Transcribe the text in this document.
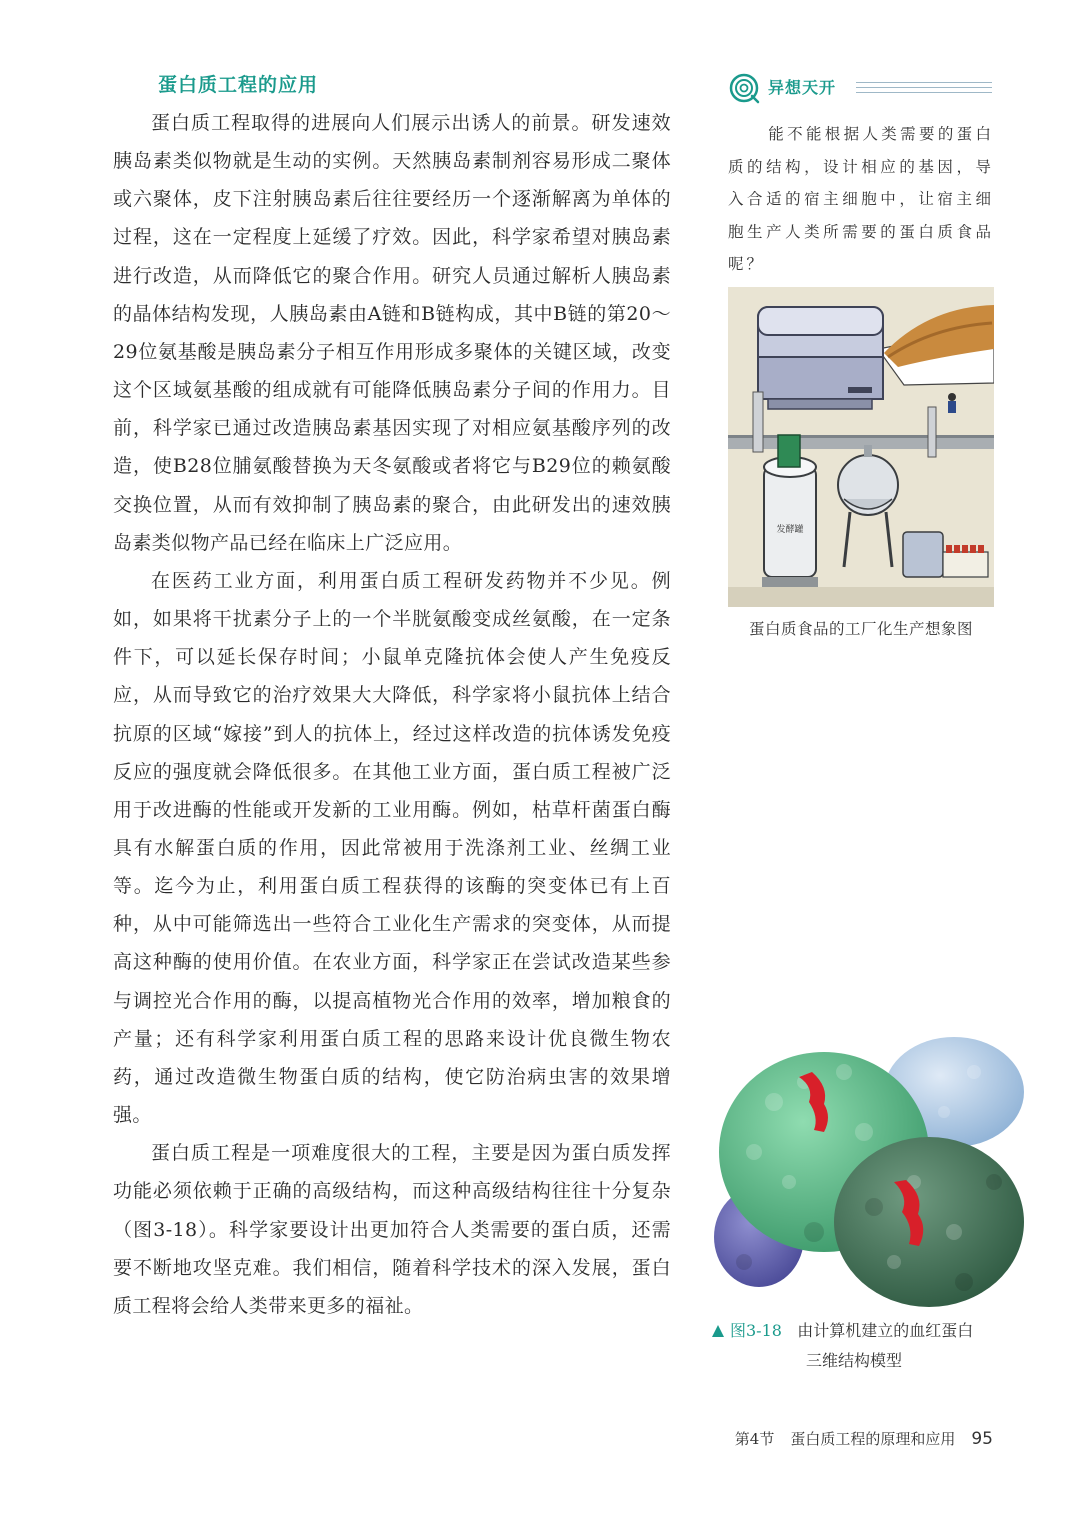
蛋白质工程的应用

蛋白质工程取得的进展向人们展示出诱人的前景。研发速效胰岛素类似物就是生动的实例。天然胰岛素制剂容易形成二聚体或六聚体，皮下注射胰岛素后往往要经历一个逐渐解离为单体的过程，这在一定程度上延缓了疗效。因此，科学家希望对胰岛素进行改造，从而降低它的聚合作用。研究人员通过解析人胰岛素的晶体结构发现，人胰岛素由A链和B链构成，其中B链的第20～29位氨基酸是胰岛素分子相互作用形成多聚体的关键区域，改变这个区域氨基酸的组成就有可能降低胰岛素分子间的作用力。目前，科学家已通过改造胰岛素基因实现了对相应氨基酸序列的改造，使B28位脯氨酸替换为天冬氨酸或者将它与B29位的赖氨酸交换位置，从而有效抑制了胰岛素的聚合，由此研发出的速效胰岛素类似物产品已经在临床上广泛应用。

在医药工业方面，利用蛋白质工程研发药物并不少见。例如，如果将干扰素分子上的一个半胱氨酸变成丝氨酸，在一定条件下，可以延长保存时间；小鼠单克隆抗体会使人产生免疫反应，从而导致它的治疗效果大大降低，科学家将小鼠抗体上结合抗原的区域“嫁接”到人的抗体上，经过这样改造的抗体诱发免疫反应的强度就会降低很多。在其他工业方面，蛋白质工程被广泛用于改进酶的性能或开发新的工业用酶。例如，枯草杆菌蛋白酶具有水解蛋白质的作用，因此常被用于洗涤剂工业、丝绸工业等。迄今为止，利用蛋白质工程获得的该酶的突变体已有上百种，从中可能筛选出一些符合工业化生产需求的突变体，从而提高这种酶的使用价值。在农业方面，科学家正在尝试改造某些参与调控光合作用的酶，以提高植物光合作用的效率，增加粮食的产量；还有科学家利用蛋白质工程的思路来设计优良微生物农药，通过改造微生物蛋白质的结构，使它防治病虫害的效果增强。

蛋白质工程是一项难度很大的工程，主要是因为蛋白质发挥功能必须依赖于正确的高级结构，而这种高级结构往往十分复杂（图3-18）。科学家要设计出更加符合人类需要的蛋白质，还需要不断地攻坚克难。我们相信，随着科学技术的深入发展，蛋白质工程将会给人类带来更多的福祉。

异想天开

能不能根据人类需要的蛋白质的结构，设计相应的基因，导入合适的宿主细胞中，让宿主细胞生产人类所需要的蛋白质食品呢？

发酵罐
蛋白质食品的工厂化生产想象图
图3-18 由计算机建立的血红蛋白
三维结构模型
第4节 蛋白质工程的原理和应用 95
